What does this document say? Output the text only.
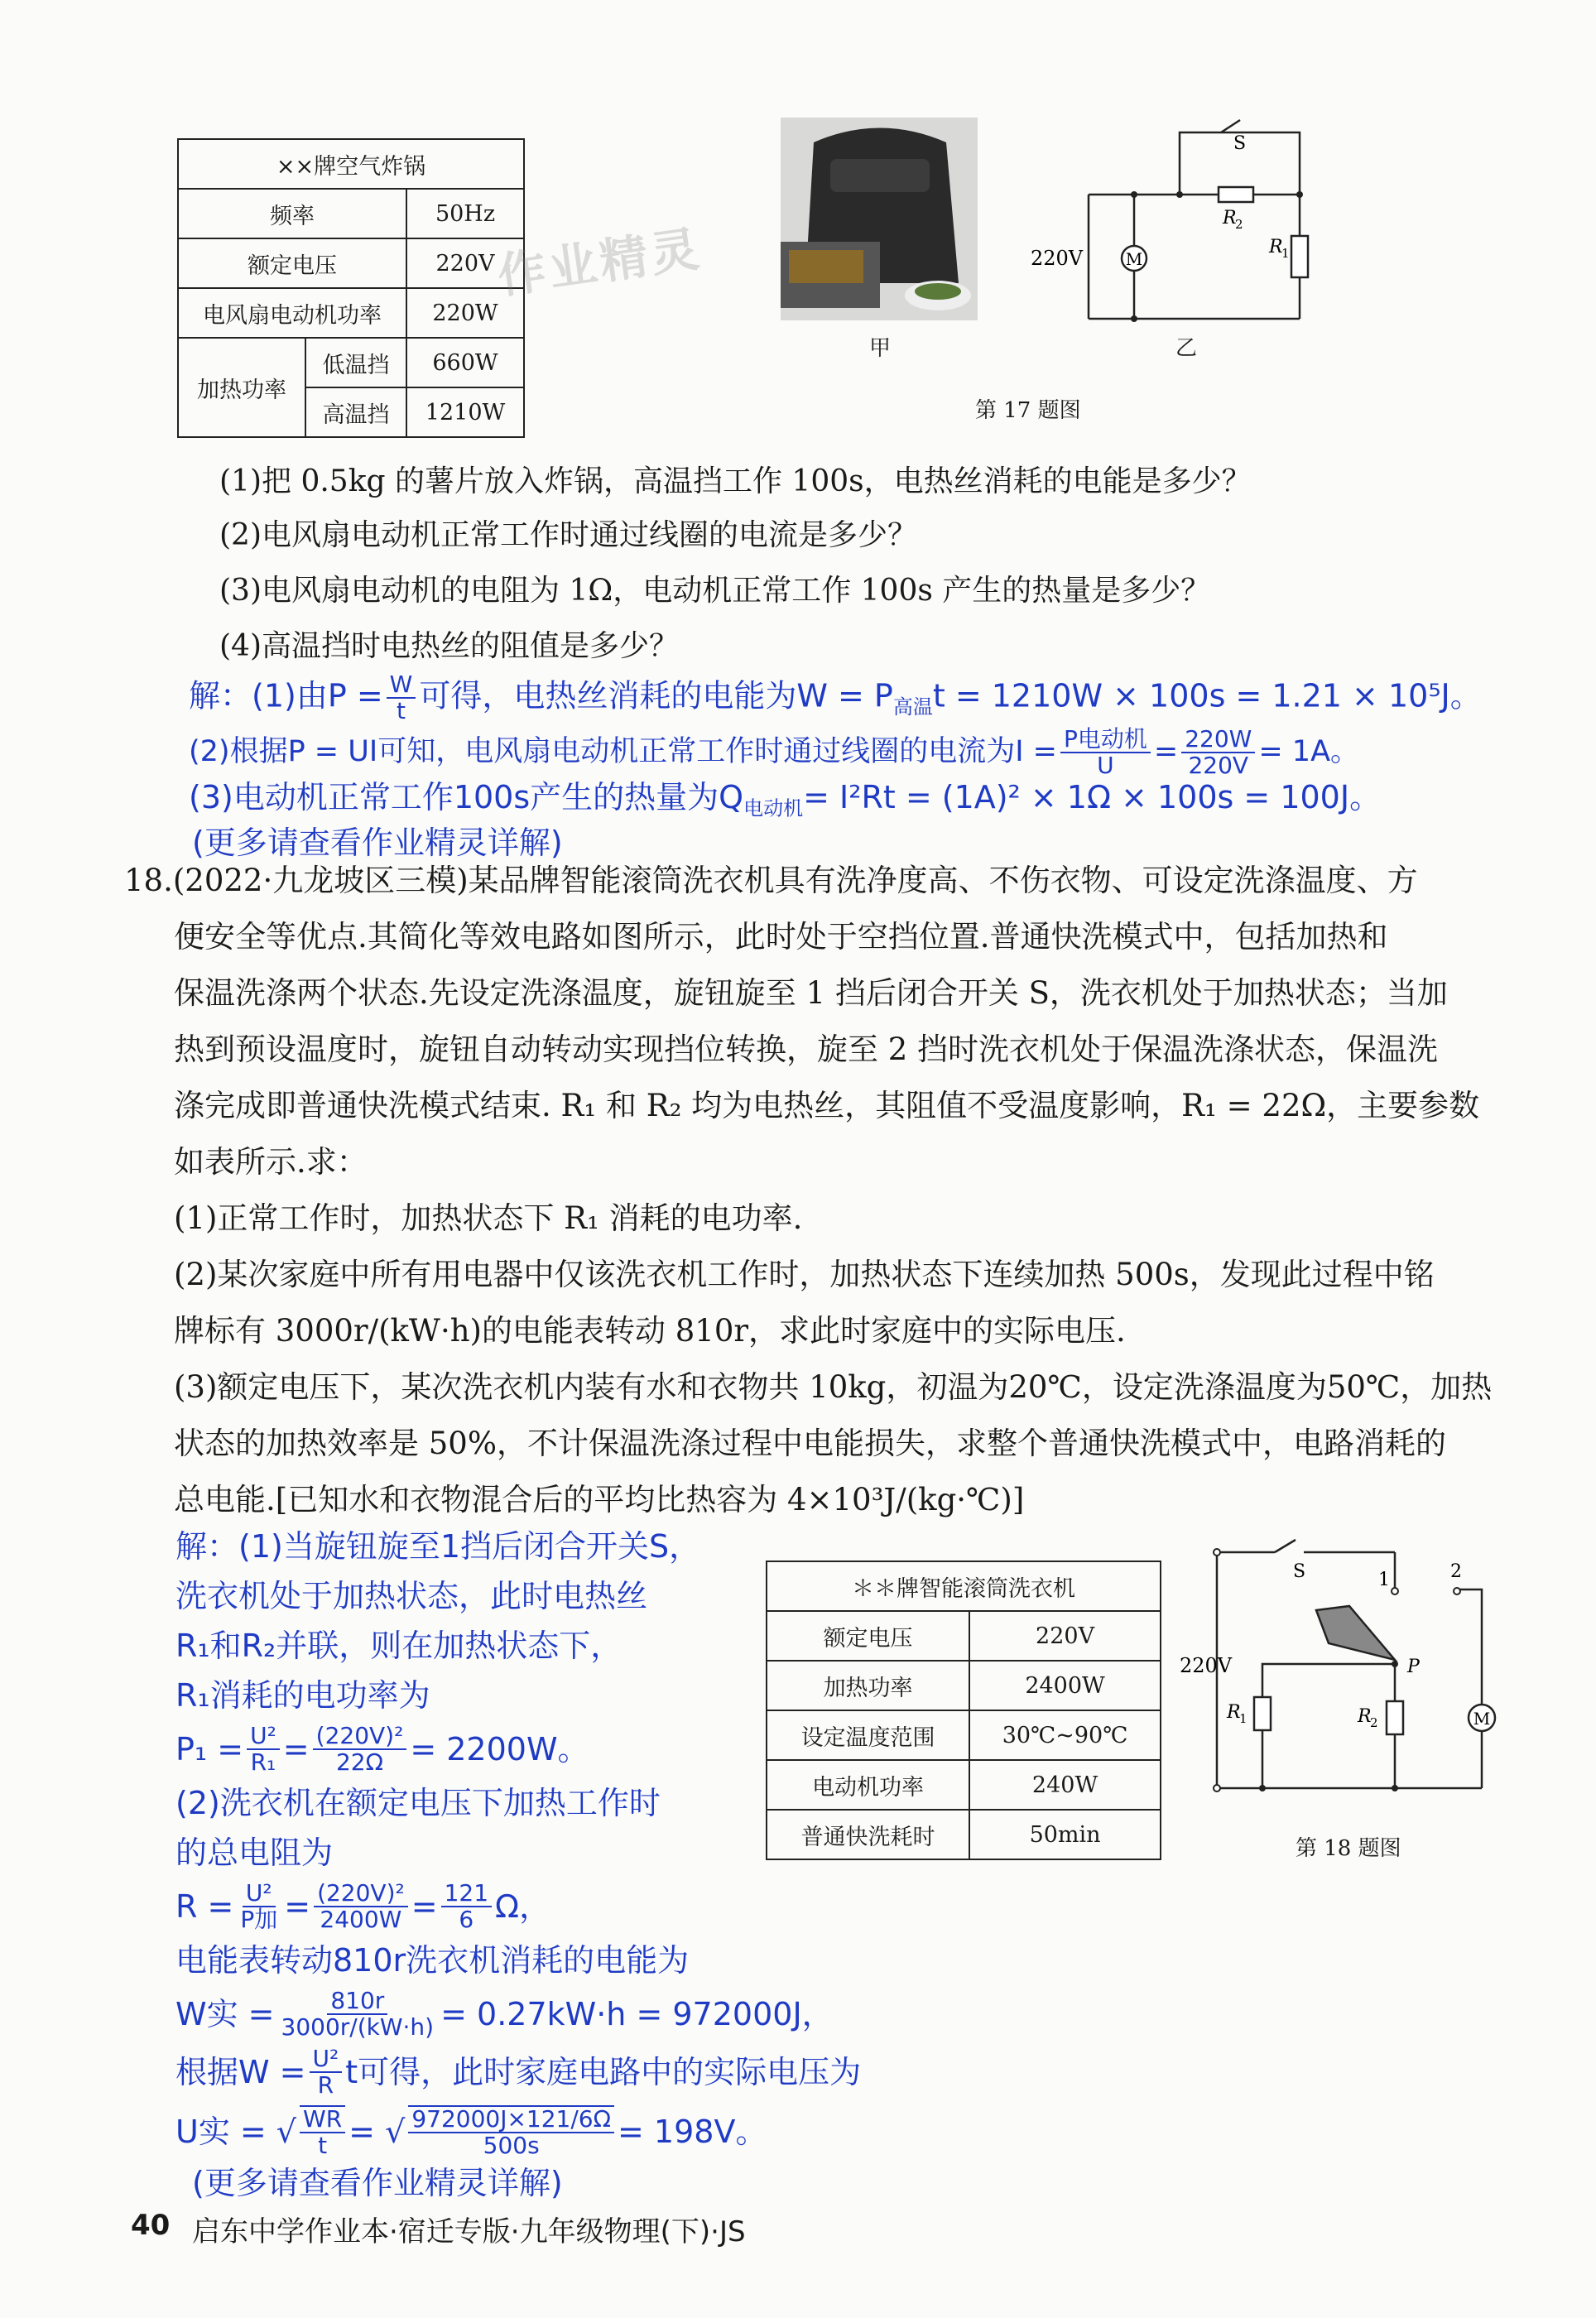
××牌空气炸锅		
频率		50Hz
额定电压		220V
电风扇电动机功率		220W
加热功率	低温挡	660W
	高温挡	1210W
作业精灵
甲
M
S
R
2
R
1
220V
乙
第 17 题图
(1)把 0.5kg 的薯片放入炸锅，高温挡工作 100s，电热丝消耗的电能是多少？
(2)电风扇电动机正常工作时通过线圈的电流是多少？
(3)电风扇电动机的电阻为 1Ω，电动机正常工作 100s 产生的热量是多少？
(4)高温挡时电热丝的阻值是多少？
解：(1)由$P = \frac{W}{t}$ 可得，电热丝消耗的电能为$W = P_{高温}t = 1210W \times 100s = 1.21 \times 10^5J$。
(2)根据P = UI可知，电风扇电动机正常工作时通过线圈的电流为$I = \frac{\text{P电动机}}{U} = \frac{220W}{220V} = 1A$。
(3)电动机正常工作100s产生的热量为$Q_{电动机}= I^2Rt = (1A)^2 \times 1\Omega \times 100s = 100J$。
(更多请查看作业精灵详解)
18.(2022·九龙坡区三模)某品牌智能滚筒洗衣机具有洗净度高、不伤衣物、可设定洗涤温度、方
便安全等优点.其简化等效电路如图所示，此时处于空挡位置.普通快洗模式中，包括加热和
保温洗涤两个状态.先设定洗涤温度，旋钮旋至 1 挡后闭合开关 S，洗衣机处于加热状态；当加
热到预设温度时，旋钮自动转动实现挡位转换，旋至 2 挡时洗衣机处于保温洗涤状态，保温洗
涤完成即普通快洗模式结束. R₁ 和 R₂ 均为电热丝，其阻值不受温度影响，R₁ = 22Ω，主要参数
如表所示.求：
(1)正常工作时，加热状态下 R₁ 消耗的电功率.
(2)某次家庭中所有用电器中仅该洗衣机工作时，加热状态下连续加热 500s，发现此过程中铭
牌标有 3000r/(kW·h)的电能表转动 810r，求此时家庭中的实际电压.
(3)额定电压下，某次洗衣机内装有水和衣物共 10kg，初温为20℃，设定洗涤温度为50℃，加热
状态的加热效率是 50%，不计保温洗涤过程中电能损失，求整个普通快洗模式中，电路消耗的
总电能.[已知水和衣物混合后的平均比热容为 4×10³J/(kg·℃)]
＊＊牌智能滚筒洗衣机	
额定电压	220V
加热功率	2400W
设定温度范围	30℃~90℃
电动机功率	240W
普通快洗耗时	50min
M
S	1	2
P
R
1	R
2
220V
第 18 题图
解：(1)当旋钮旋至1挡后闭合开关S，
洗衣机处于加热状态，此时电热丝
R₁和R₂并联，则在加热状态下，
R₁消耗的电功率为
$P_1 = \frac{\text{U²}}{\text{R₁}} = \frac{\text{(220V)²}}{22\Omega} = 2200W$。
(2)洗衣机在额定电压下加热工作时
的总电阻为
$R = \frac{\text{U²}}{\text{P加}} = \frac{\text{(220V)²}}{2400W} = \frac{121}{6}$ Ω，
电能表转动810r洗衣机消耗的电能为
W实 = $\frac{810r}{3000r/(kW\cdot h)} = 0.27kW\cdot h = 972000J$，
根据$W = \frac{\text{U²}}{R}$ t可得，此时家庭电路中的实际电压为
U实 = √ $\frac{WR}{t}$ = √ $\frac{972000J\times 121/6\Omega}{500s} = 198V$。
(更多请查看作业精灵详解)
40 启东中学作业本·宿迁专版·九年级物理(下)·JS
